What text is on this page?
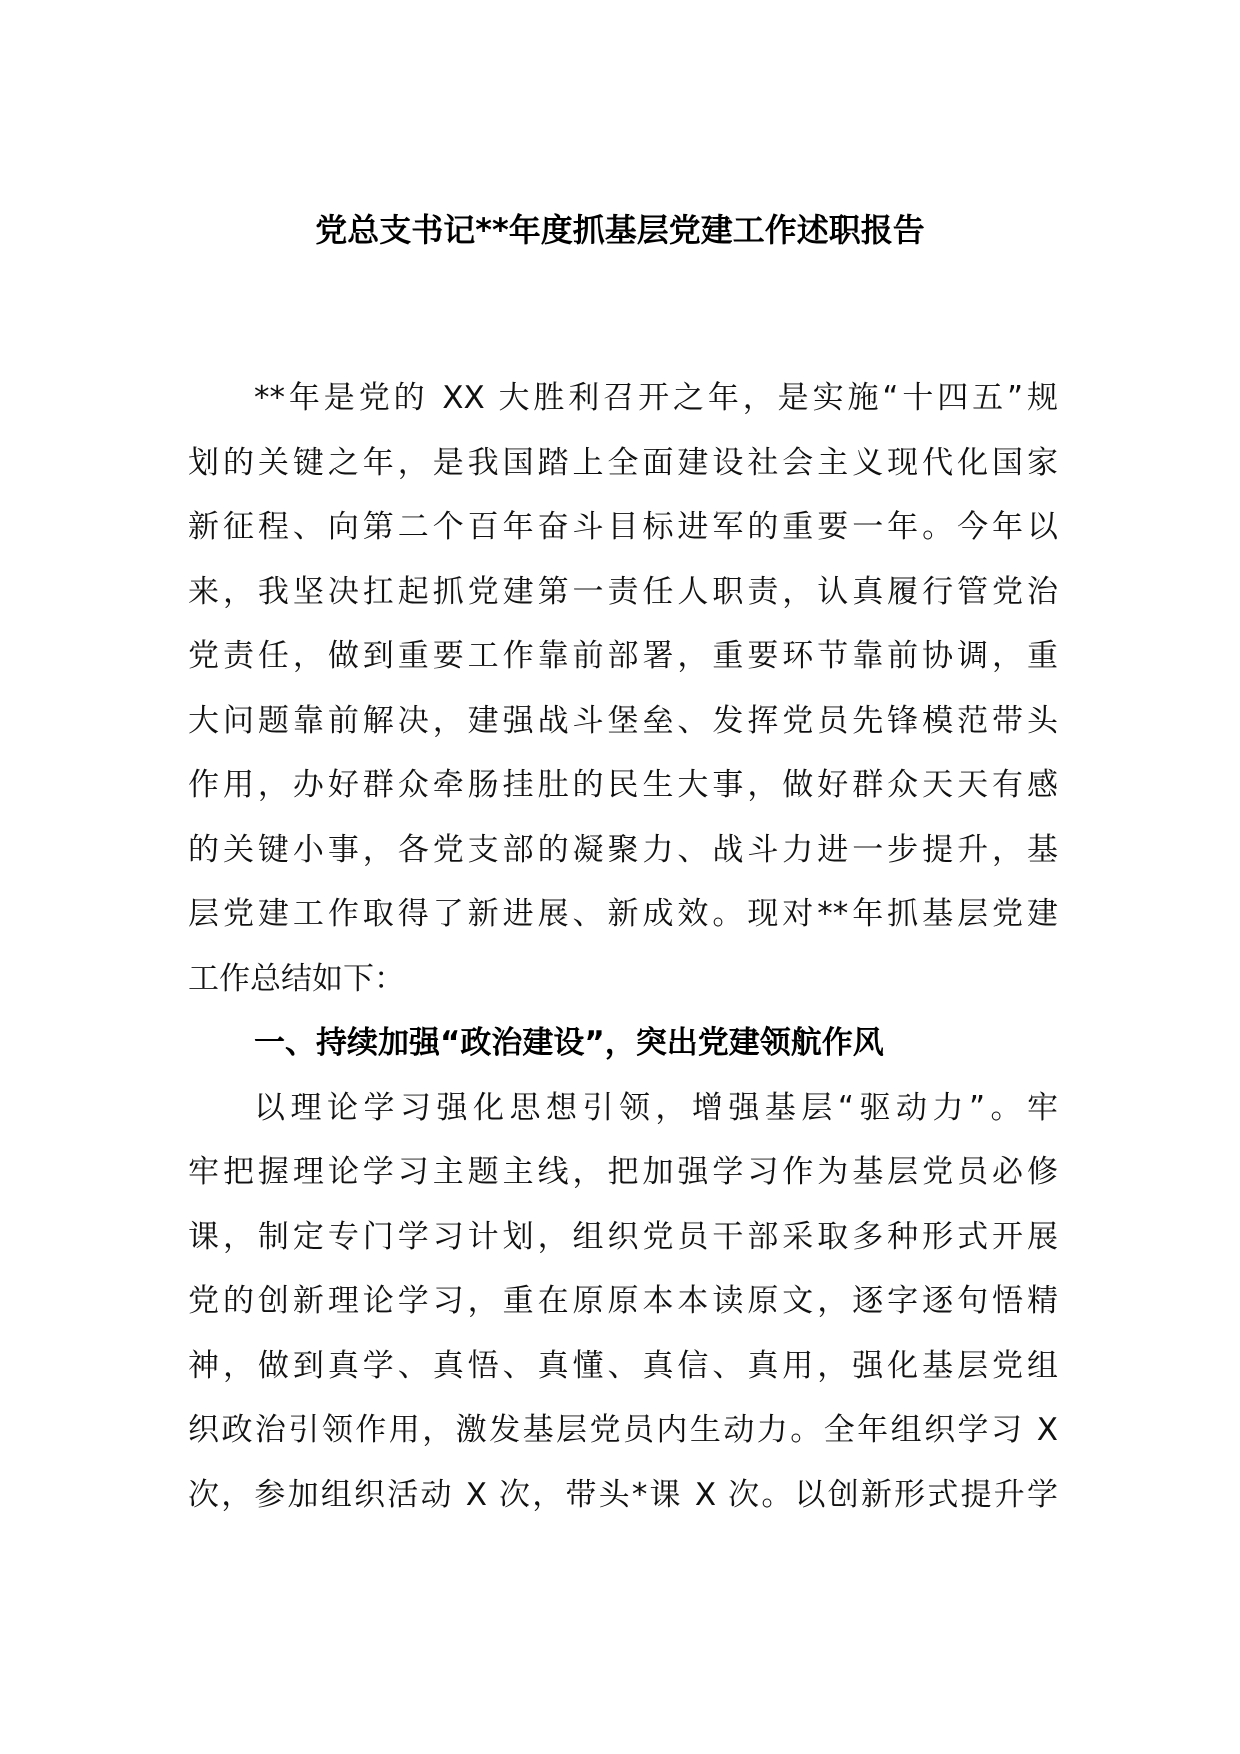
党总支书记**年度抓基层党建工作述职报告
**年是党的 XX 大胜利召开之年，是实施“十四五”规
划的关键之年，是我国踏上全面建设社会主义现代化国家
新征程、向第二个百年奋斗目标进军的重要一年。今年以
来，我坚决扛起抓党建第一责任人职责，认真履行管党治
党责任，做到重要工作靠前部署，重要环节靠前协调，重
大问题靠前解决，建强战斗堡垒、发挥党员先锋模范带头
作用，办好群众牵肠挂肚的民生大事，做好群众天天有感
的关键小事，各党支部的凝聚力、战斗力进一步提升，基
层党建工作取得了新进展、新成效。现对**年抓基层党建
工作总结如下：
一、持续加强“政治建设”，突出党建领航作风
以理论学习强化思想引领，增强基层“驱动力”。牢
牢把握理论学习主题主线，把加强学习作为基层党员必修
课，制定专门学习计划，组织党员干部采取多种形式开展
党的创新理论学习，重在原原本本读原文，逐字逐句悟精
神，做到真学、真悟、真懂、真信、真用，强化基层党组
织政治引领作用，激发基层党员内生动力。全年组织学习 X
次，参加组织活动 X 次，带头*课 X 次。以创新形式提升学
